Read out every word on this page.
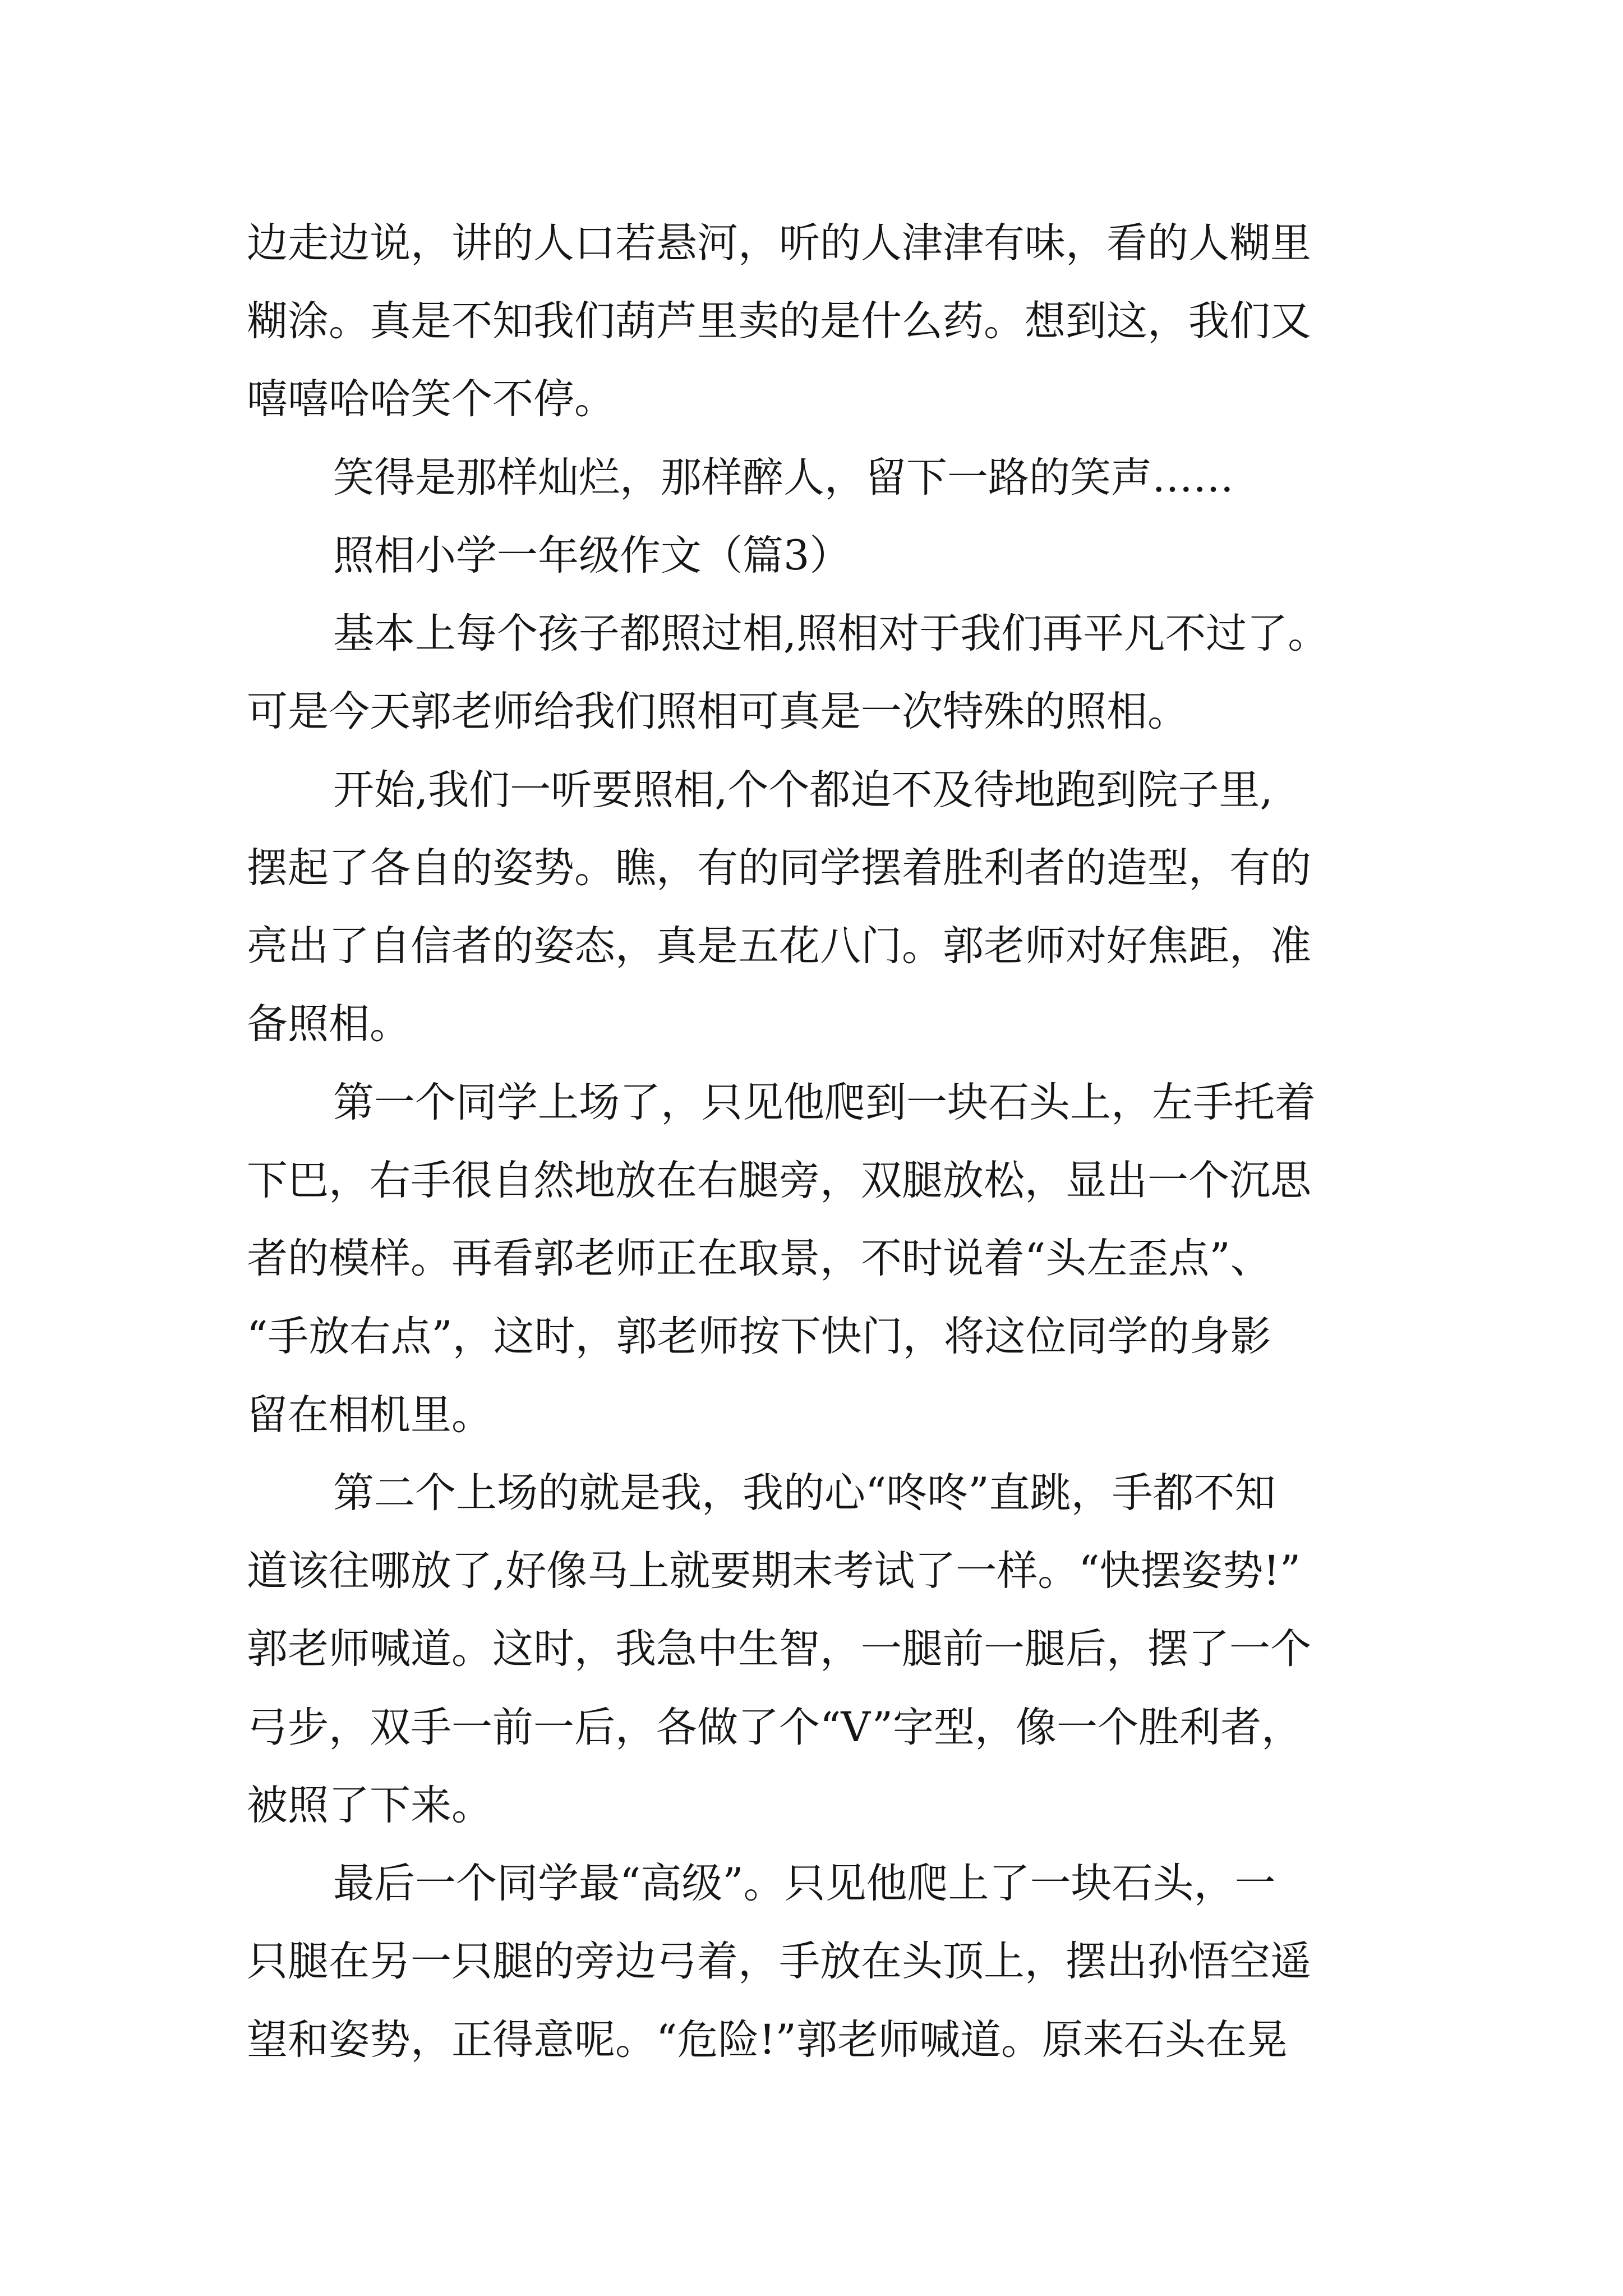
边走边说，讲的人口若悬河，听的人津津有味，看的人糊里
糊涂。真是不知我们葫芦里卖的是什么药。想到这，我们又
嘻嘻哈哈笑个不停。
笑得是那样灿烂，那样醉人，留下一路的笑声……
照相小学一年级作文（篇3）
基本上每个孩子都照过相,照相对于我们再平凡不过了。
可是今天郭老师给我们照相可真是一次特殊的照相。
开始,我们一听要照相,个个都迫不及待地跑到院子里,
摆起了各自的姿势。瞧，有的同学摆着胜利者的造型，有的
亮出了自信者的姿态，真是五花八门。郭老师对好焦距，准
备照相。
第一个同学上场了，只见他爬到一块石头上，左手托着
下巴，右手很自然地放在右腿旁，双腿放松，显出一个沉思
者的模样。再看郭老师正在取景，不时说着“头左歪点”、
“手放右点”，这时，郭老师按下快门，将这位同学的身影
留在相机里。
第二个上场的就是我，我的心“咚咚”直跳，手都不知
道该往哪放了,好像马上就要期末考试了一样。“快摆姿势!”
郭老师喊道。这时，我急中生智，一腿前一腿后，摆了一个
弓步，双手一前一后，各做了个“V”字型，像一个胜利者，
被照了下来。
最后一个同学最“高级”。只见他爬上了一块石头，一
只腿在另一只腿的旁边弓着，手放在头顶上，摆出孙悟空遥
望和姿势，正得意呢。“危险!”郭老师喊道。原来石头在晃
